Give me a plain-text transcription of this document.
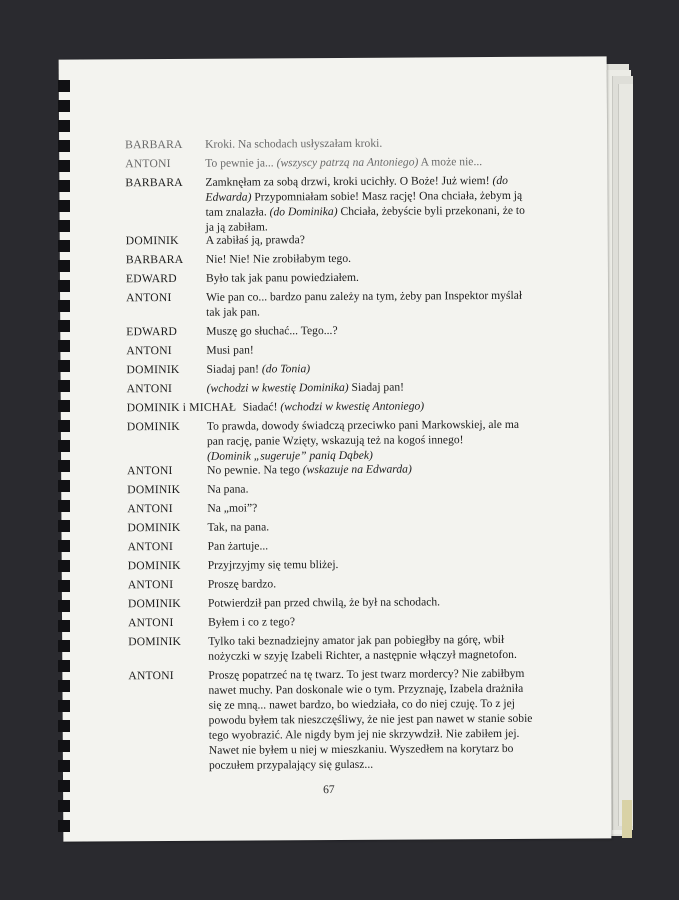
BARBARA Kroki. Na schodach usłyszałam kroki.
ANTONI	To pewnie ja... (wszyscy patrzą na Antoniego) A może nie...
BARBARA Zamknęłam za sobą drzwi, kroki ucichły. O Boże! Już wiem! (do Edwarda) Przypomniałam sobie! Masz rację! Ona chciała, żebym ją tam znalazła. (do Dominika) Chciała, żebyście byli przekonani, że to ja ją zabiłam.
DOMINIK A zabiłaś ją, prawda?
BARBARA Nie! Nie! Nie zrobiłabym tego.
EDWARD	Było tak jak panu powiedziałem.
ANTONI	Wie pan co... bardzo panu zależy na tym, żeby pan Inspektor myślał tak jak pan.
EDWARD	Muszę go słuchać... Tego...?
ANTONI	Musi pan!
DOMINIK Siadaj pan! (do Tonia)
ANTONI	(wchodzi w kwestię Dominika) Siadaj pan!
DOMINIK i MICHAŁ Siadać! (wchodzi w kwestię Antoniego)
DOMINIK To prawda, dowody świadczą przeciwko pani Markowskiej, ale ma pan rację, panie Wzięty, wskazują też na kogoś innego!
(Dominik „sugeruje” panią Dąbek)
ANTONI	No pewnie. Na tego (wskazuje na Edwarda)
DOMINIK Na pana.
ANTONI	Na „moi”?
DOMINIK Tak, na pana.
ANTONI	Pan żartuje...
DOMINIK Przyjrzyjmy się temu bliżej.
ANTONI	Proszę bardzo.
DOMINIK Potwierdził pan przed chwilą, że był na schodach.
ANTONI	Byłem i co z tego?
DOMINIK Tylko taki beznadziejny amator jak pan pobiegłby na górę, wbił nożyczki w szyję Izabeli Richter, a następnie włączył magnetofon.
ANTONI	Proszę popatrzeć na tę twarz. To jest twarz mordercy? Nie zabiłbym nawet muchy. Pan doskonale wie o tym. Przyznaję, Izabela drażniła się ze mną... nawet bardzo, bo wiedziała, co do niej czuję. To z jej powodu byłem tak nieszczęśliwy, że nie jest pan nawet w stanie sobie tego wyobrazić. Ale nigdy bym jej nie skrzywdził. Nie zabiłem jej. Nawet nie byłem u niej w mieszkaniu. Wyszedłem na korytarz bo poczułem przypalający się gulasz...
67
